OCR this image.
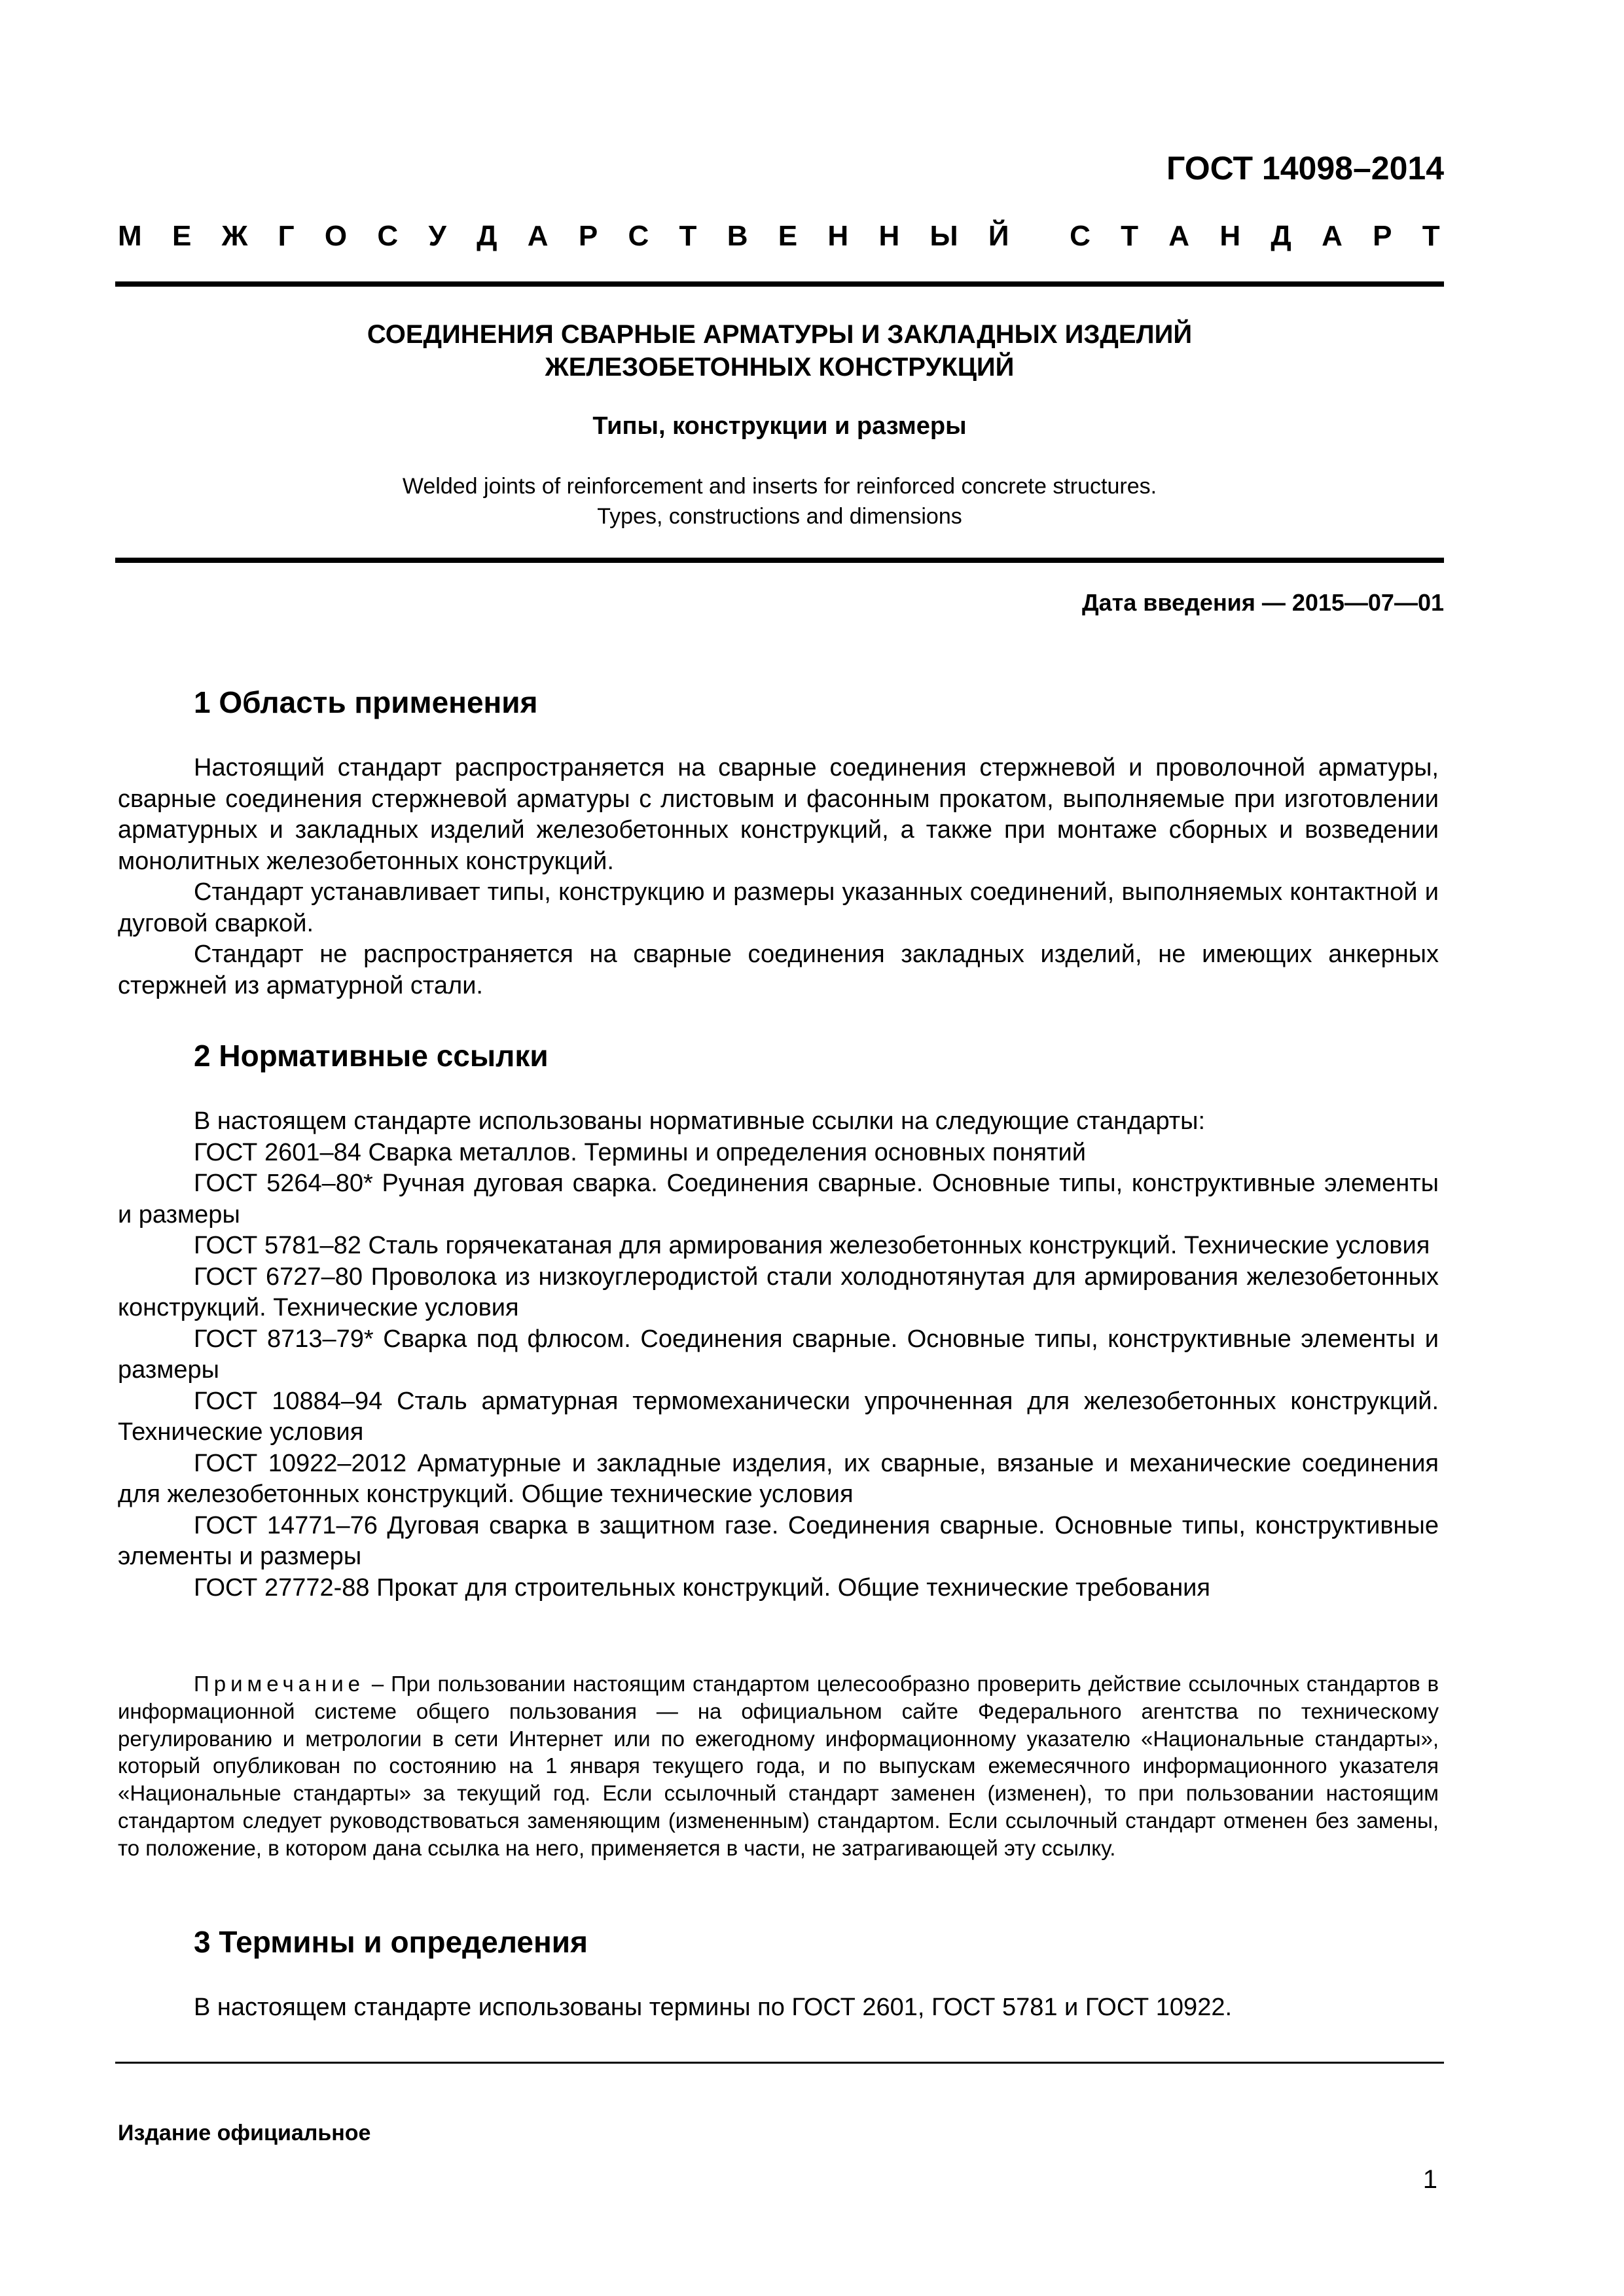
ГОСТ 14098–2014
М Е Ж Г О С У Д А Р С Т В Е Н Н Ы Й С Т А Н Д А Р Т
СОЕДИНЕНИЯ СВАРНЫЕ АРМАТУРЫ И ЗАКЛАДНЫХ ИЗДЕЛИЙ
ЖЕЛЕЗОБЕТОННЫХ КОНСТРУКЦИЙ
Типы, конструкции и размеры
Welded joints of reinforcement and inserts for reinforced concrete structures.
Types, constructions and dimensions
Дата введения — 2015—07—01
1 Область применения

Настоящий стандарт распространяется на сварные соединения стержневой и проволочной арматуры, сварные соединения стержневой арматуры с листовым и фасонным прокатом, выполняемые при изготовлении арматурных и закладных изделий железобетонных конструкций, а также при монтаже сборных и возведении монолитных железобетонных конструкций.

Стандарт устанавливает типы, конструкцию и размеры указанных соединений, выполняемых контактной и дуговой сваркой.

Стандарт не распространяется на сварные соединения закладных изделий, не имеющих анкерных стержней из арматурной стали.

2 Нормативные ссылки

В настоящем стандарте использованы нормативные ссылки на следующие стандарты:

ГОСТ 2601–84 Сварка металлов. Термины и определения основных понятий

ГОСТ 5264–80* Ручная дуговая сварка. Соединения сварные. Основные типы, конструктивные элементы и размеры

ГОСТ 5781–82 Сталь горячекатаная для армирования железобетонных конструкций. Технические условия

ГОСТ 6727–80 Проволока из низкоуглеродистой стали холоднотянутая для армирования железобетонных конструкций. Технические условия

ГОСТ 8713–79* Сварка под флюсом. Соединения сварные. Основные типы, конструктивные элементы и размеры

ГОСТ 10884–94 Сталь арматурная термомеханически упрочненная для железобетонных конструкций. Технические условия

ГОСТ 10922–2012 Арматурные и закладные изделия, их сварные, вязаные и механические соединения для железобетонных конструкций. Общие технические условия

ГОСТ 14771–76 Дуговая сварка в защитном газе. Соединения сварные. Основные типы, конструктивные элементы и размеры

ГОСТ 27772-88 Прокат для строительных конструкций. Общие технические требования

Примечание – При пользовании настоящим стандартом целесообразно проверить действие ссылочных стандартов в информационной системе общего пользования — на официальном сайте Федерального агентства по техническому регулированию и метрологии в сети Интернет или по ежегодному информационному указателю «Национальные стандарты», который опубликован по состоянию на 1 января текущего года, и по выпускам ежемесячного информационного указателя «Национальные стандарты» за текущий год. Если ссылочный стандарт заменен (изменен), то при пользовании настоящим стандартом следует руководствоваться заменяющим (измененным) стандартом. Если ссылочный стандарт отменен без замены, то положение, в котором дана ссылка на него, применяется в части, не затрагивающей эту ссылку.

3 Термины и определения

В настоящем стандарте использованы термины по ГОСТ 2601, ГОСТ 5781 и ГОСТ 10922.

Издание официальное
1
